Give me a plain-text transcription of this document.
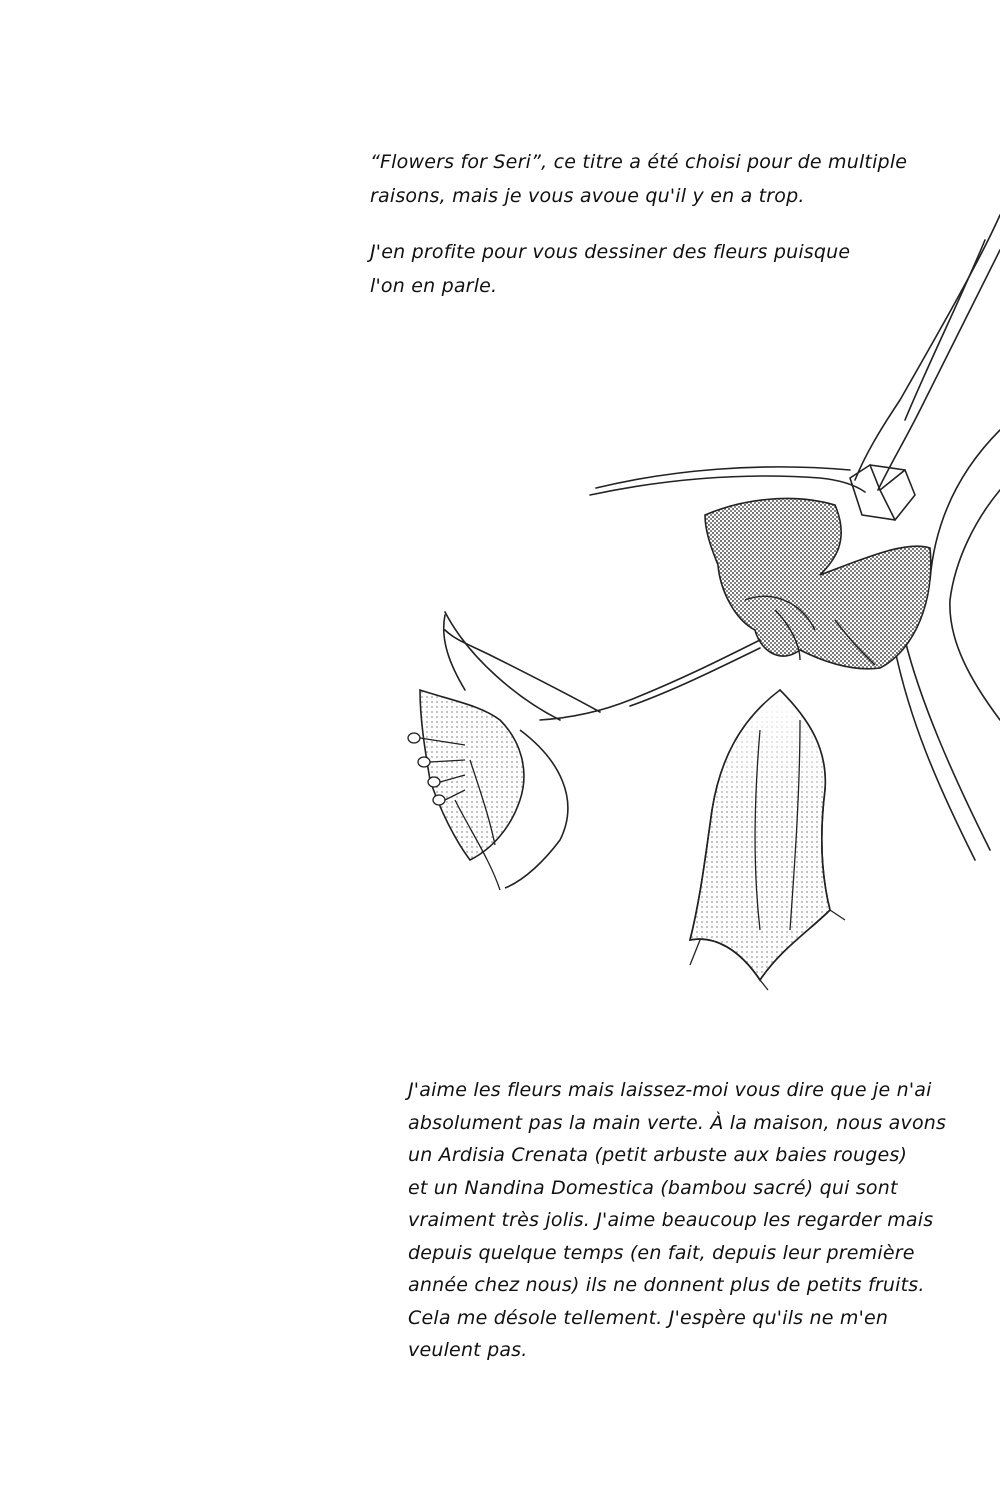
“Flowers for Seri”, ce titre a été choisi pour de multiple
raisons, mais je vous avoue qu'il y en a trop.
J'en profite pour vous dessiner des fleurs puisque
l'on en parle.
J'aime les fleurs mais laissez-moi vous dire que je n'ai
absolument pas la main verte. À la maison, nous avons
un Ardisia Crenata (petit arbuste aux baies rouges)
et un Nandina Domestica (bambou sacré) qui sont
vraiment très jolis. J'aime beaucoup les regarder mais
depuis quelque temps (en fait, depuis leur première
année chez nous) ils ne donnent plus de petits fruits.
Cela me désole tellement. J'espère qu'ils ne m'en
veulent pas.
